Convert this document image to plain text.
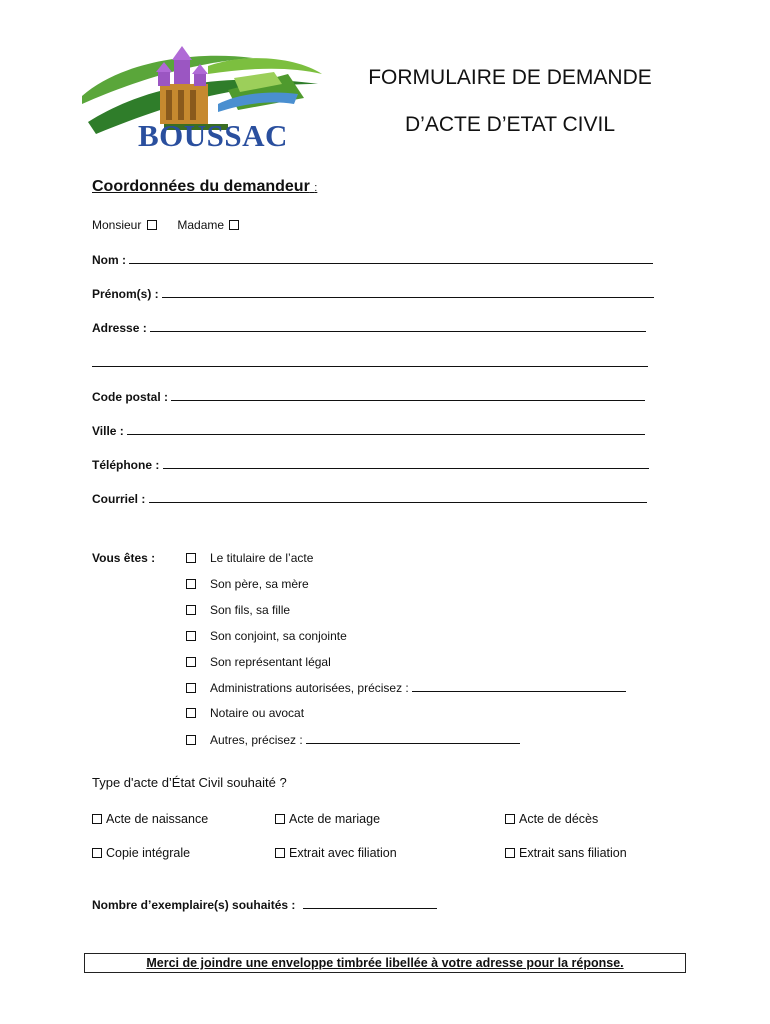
BOUSSAC
FORMULAIRE DE DEMANDE
D’ACTE D’ETAT CIVIL
Coordonnées du demandeur :
Monsieur	Madame
Nom :
Prénom(s) :
Adresse :
Code postal :
Ville :
Téléphone :
Courriel :
Vous êtes :	Le titulaire de l’acte
Son père, sa mère
Son fils, sa fille
Son conjoint, sa conjointe
Son représentant légal
Administrations autorisées, précisez :
Notaire ou avocat
Autres, précisez :
Type d'acte d’État Civil souhaité ?
Acte de naissance	Acte de mariage	Acte de décès
Copie intégrale	Extrait avec filiation	Extrait sans filiation
Nombre d’exemplaire(s) souhaités :
Merci de joindre une enveloppe timbrée libellée à votre adresse pour la réponse.
